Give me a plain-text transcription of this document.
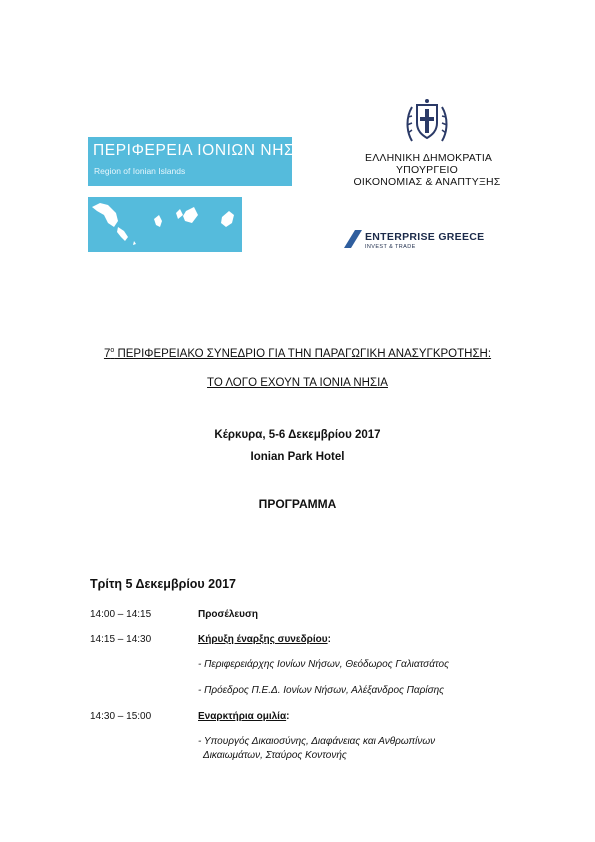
ΠΕΡΙΦΕΡΕΙΑ ΙΟΝΙΩΝ ΝΗΣΩΝ
Region of Ionian Islands
ΕΛΛΗΝΙΚΗ ΔΗΜΟΚΡΑΤΙΑ
ΥΠΟΥΡΓΕΙΟ
ΟΙΚΟΝΟΜΙΑΣ & ΑΝΑΠΤΥΞΗΣ
ENTERPRISE GREECE
INVEST & TRADE
$7^o$ ΠΕΡΙΦΕΡΕΙΑΚΟ ΣΥΝΕΔΡΙΟ ΓΙΑ ΤΗΝ ΠΑΡΑΓΩΓΙΚΗ ΑΝΑΣΥΓΚΡΟΤΗΣΗ:
ΤΟ ΛΟΓΟ ΕΧΟΥΝ ΤΑ ΙΟΝΙΑ ΝΗΣΙΑ
Κέρκυρα, 5-6 Δεκεμβρίου 2017
Ionian Park Hotel
ΠΡΟΓΡΑΜΜΑ
Τρίτη 5 Δεκεμβρίου 2017
14:00 – 14:15	Προσέλευση
14:15 – 14:30	Κήρυξη έναρξης συνεδρίου:
- Περιφερειάρχης Ιονίων Νήσων, Θεόδωρος Γαλιατσάτος
- Πρόεδρος Π.Ε.Δ. Ιονίων Νήσων, Αλέξανδρος Παρίσης
14:30 – 15:00	Εναρκτήρια ομιλία:
- Υπουργός Δικαιοσύνης, Διαφάνειας και Ανθρωπίνων
Δικαιωμάτων, Σταύρος Κοντονής
